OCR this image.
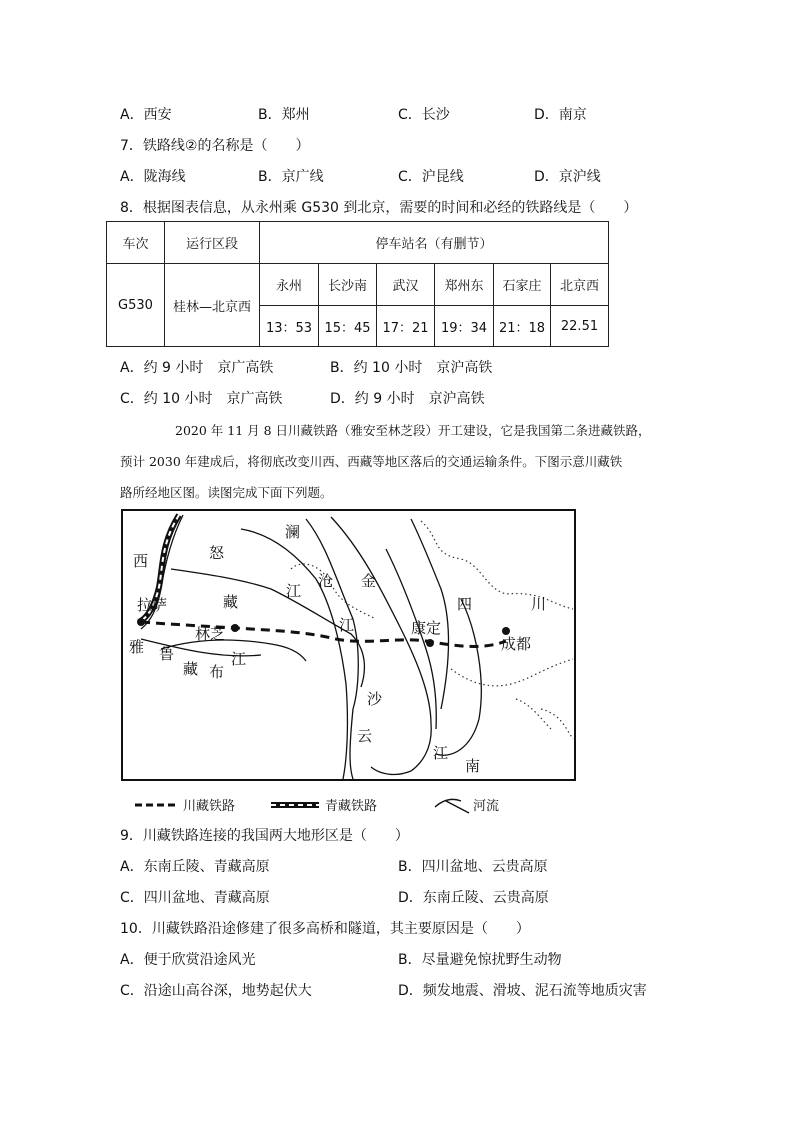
A．西安	B．郑州	C．长沙	D．南京
7．铁路线②的名称是（　　）
A．陇海线	B．京广线	C．沪昆线	D．京沪线
8．根据图表信息，从永州乘 G530 到北京，需要的时间和必经的铁路线是（　　）
车次	运行区段	停车站名（有删节）					
G530	桂林—北京西	永州	长沙南	武汉	郑州东	石家庄	北京西
		13：53	15：45	17：21	19：34	21：18	22.51
A．约 9 小时　京广高铁	B．约 10 小时　京沪高铁
C．约 10 小时　京广高铁	D．约 9 小时　京沪高铁
2020 年 11 月 8 日川藏铁路（雅安至林芝段）开工建设，它是我国第二条进藏铁路，
预计 2030 年建成后，将彻底改变川西、西藏等地区落后的交通运输条件。下图示意川藏铁
路所经地区图。读图完成下面下列题。
西	怒
澜
拉萨	藏
江
沧 金
四	川
林芝	江	康定
成都
雅 鲁
藏 布
江
沙
云
江
南
川藏铁路	青藏铁路	河流
9．川藏铁路连接的我国两大地形区是（　　）
A．东南丘陵、青藏高原	B．四川盆地、云贵高原
C．四川盆地、青藏高原	D．东南丘陵、云贵高原
10．川藏铁路沿途修建了很多高桥和隧道，其主要原因是（　　）
A．便于欣赏沿途风光	B．尽量避免惊扰野生动物
C．沿途山高谷深，地势起伏大	D．频发地震、滑坡、泥石流等地质灾害
